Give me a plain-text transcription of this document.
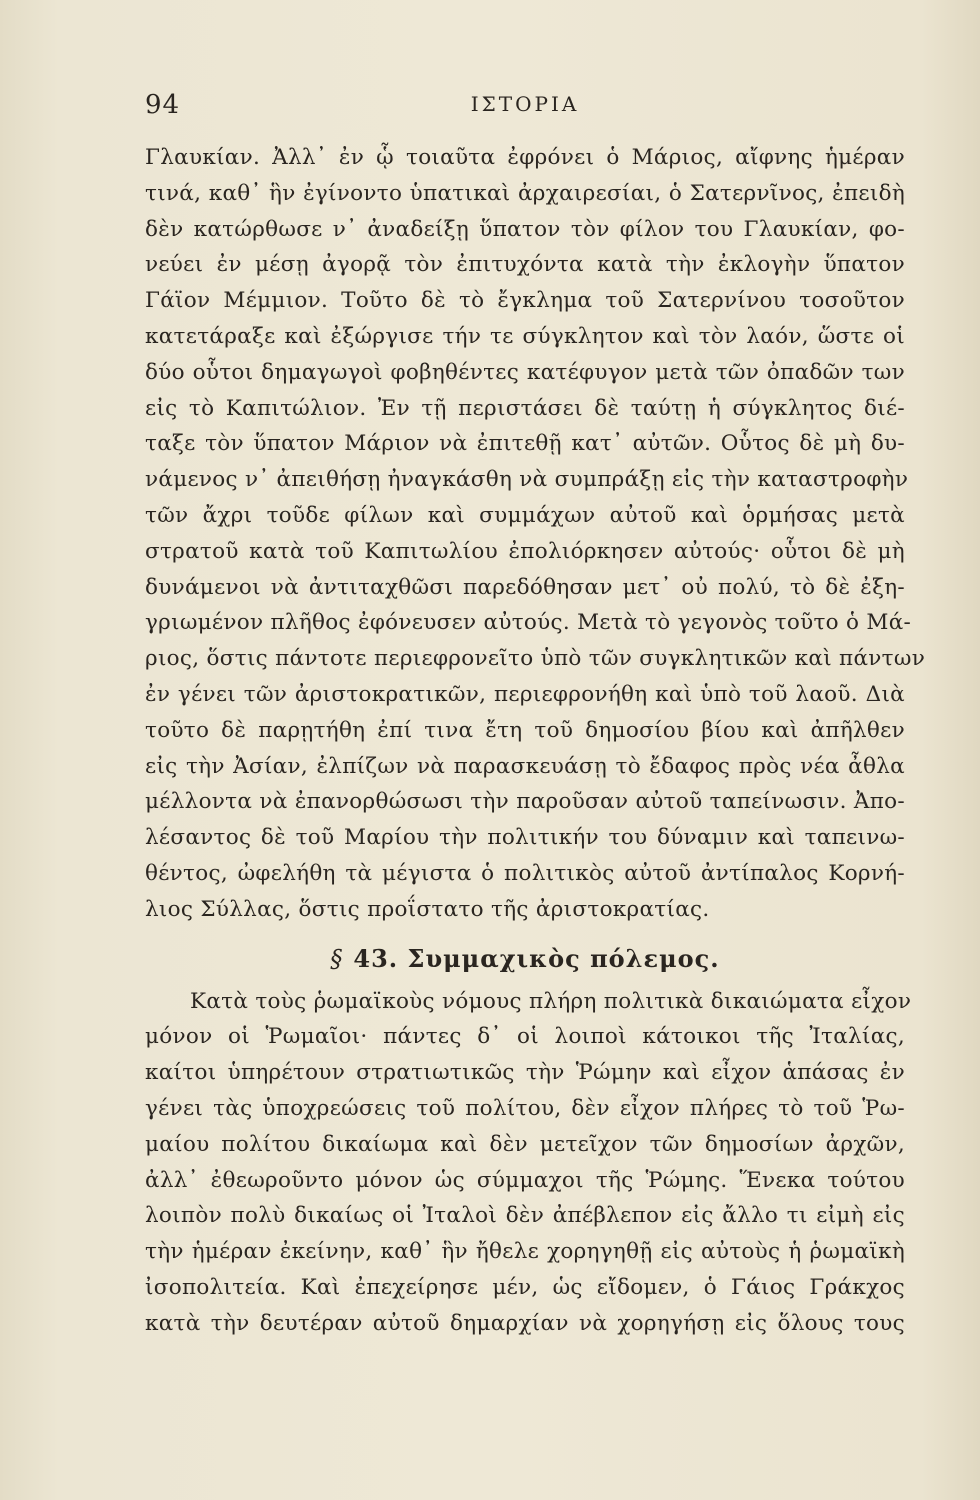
94	ΙΣΤΟΡΙΑ
Γλαυκίαν. Ἀλλ᾽ ἐν ᾧ τοιαῦτα ἐφρόνει ὁ Μάριος, αἴφνης ἡμέραν
τινά, καθ᾽ ἣν ἐγίνοντο ὑπατικαὶ ἀρχαιρεσίαι, ὁ Σατερνῖνος, ἐπειδὴ
δὲν κατώρθωσε ν᾽ ἀναδείξῃ ὕπατον τὸν φίλον του Γλαυκίαν, φο-
νεύει ἐν μέσῃ ἀγορᾷ τὸν ἐπιτυχόντα κατὰ τὴν ἐκλογὴν ὕπατον
Γάϊον Μέμμιον. Τοῦτο δὲ τὸ ἔγκλημα τοῦ Σατερνίνου τοσοῦτον
κατετάραξε καὶ ἐξώργισε τήν τε σύγκλητον καὶ τὸν λαόν, ὥστε οἱ
δύο οὗτοι δημαγωγοὶ φοβηθέντες κατέφυγον μετὰ τῶν ὀπαδῶν των
εἰς τὸ Καπιτώλιον. Ἐν τῇ περιστάσει δὲ ταύτῃ ἡ σύγκλητος διέ-
ταξε τὸν ὕπατον Μάριον νὰ ἐπιτεθῇ κατ᾽ αὐτῶν. Οὗτος δὲ μὴ δυ-
νάμενος ν᾽ ἀπειθήσῃ ἠναγκάσθη νὰ συμπράξῃ εἰς τὴν καταστροφὴν
τῶν ἄχρι τοῦδε φίλων καὶ συμμάχων αὐτοῦ καὶ ὁρμήσας μετὰ
στρατοῦ κατὰ τοῦ Καπιτωλίου ἐπολιόρκησεν αὐτούς· οὗτοι δὲ μὴ
δυνάμενοι νὰ ἀντιταχθῶσι παρεδόθησαν μετ᾽ οὐ πολύ, τὸ δὲ ἐξη-
γριωμένον πλῆθος ἐφόνευσεν αὐτούς. Μετὰ τὸ γεγονὸς τοῦτο ὁ Μά-
ριος, ὅστις πάντοτε περιεφρονεῖτο ὑπὸ τῶν συγκλητικῶν καὶ πάντων
ἐν γένει τῶν ἀριστοκρατικῶν, περιεφρονήθη καὶ ὑπὸ τοῦ λαοῦ. Διὰ
τοῦτο δὲ παρῃτήθη ἐπί τινα ἔτη τοῦ δημοσίου βίου καὶ ἀπῆλθεν
εἰς τὴν Ἀσίαν, ἐλπίζων νὰ παρασκευάσῃ τὸ ἔδαφος πρὸς νέα ἆθλα
μέλλοντα νὰ ἐπανορθώσωσι τὴν παροῦσαν αὐτοῦ ταπείνωσιν. Ἀπο-
λέσαντος δὲ τοῦ Μαρίου τὴν πολιτικήν του δύναμιν καὶ ταπεινω-
θέντος, ὠφελήθη τὰ μέγιστα ὁ πολιτικὸς αὐτοῦ ἀντίπαλος Κορνή-
λιος Σύλλας, ὅστις προΐστατο τῆς ἀριστοκρατίας.
§ 43. Συμμαχικὸς πόλεμος.
Κατὰ τοὺς ῥωμαϊκοὺς νόμους πλήρη πολιτικὰ δικαιώματα εἶχον
μόνον οἱ Ῥωμαῖοι· πάντες δ᾽ οἱ λοιποὶ κάτοικοι τῆς Ἰταλίας,
καίτοι ὑπηρέτουν στρατιωτικῶς τὴν Ῥώμην καὶ εἶχον ἁπάσας ἐν
γένει τὰς ὑποχρεώσεις τοῦ πολίτου, δὲν εἶχον πλήρες τὸ τοῦ Ῥω-
μαίου πολίτου δικαίωμα καὶ δὲν μετεῖχον τῶν δημοσίων ἀρχῶν,
ἀλλ᾽ ἐθεωροῦντο μόνον ὡς σύμμαχοι τῆς Ῥώμης. Ἕνεκα τούτου
λοιπὸν πολὺ δικαίως οἱ Ἰταλοὶ δὲν ἀπέβλεπον εἰς ἄλλο τι εἰμὴ εἰς
τὴν ἡμέραν ἐκείνην, καθ᾽ ἣν ἤθελε χορηγηθῇ εἰς αὐτοὺς ἡ ῥωμαϊκὴ
ἰσοπολιτεία. Καὶ ἐπεχείρησε μέν, ὡς εἴδομεν, ὁ Γάιος Γράκχος
κατὰ τὴν δευτέραν αὐτοῦ δημαρχίαν νὰ χορηγήσῃ εἰς ὅλους τους
